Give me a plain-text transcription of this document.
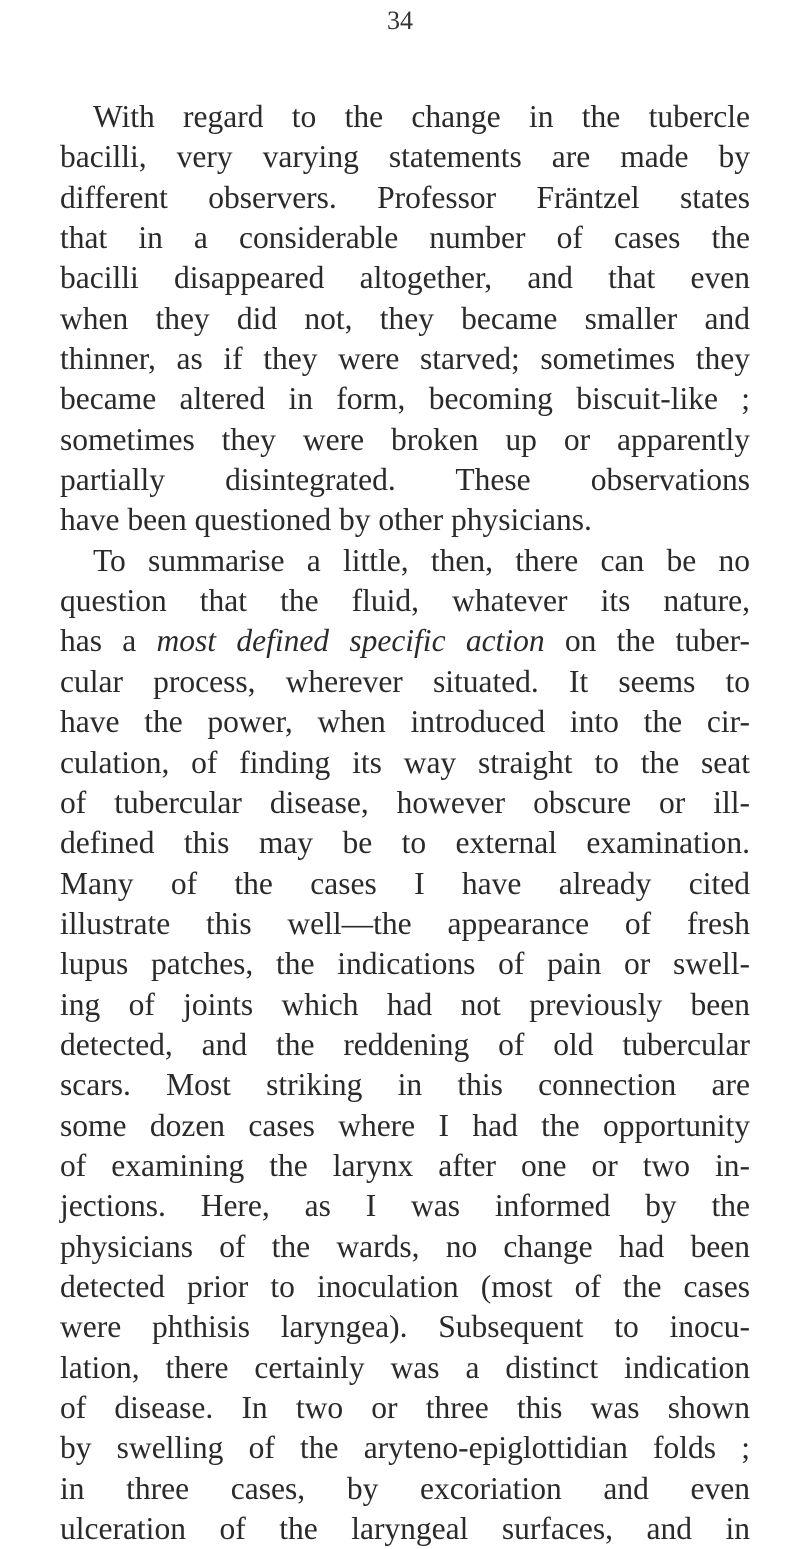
34
With regard to the change in the tubercle
bacilli, very varying statements are made by
different observers. Professor Fräntzel states
that in a considerable number of cases the
bacilli disappeared altogether, and that even
when they did not, they became smaller and
thinner, as if they were starved; sometimes they
became altered in form, becoming biscuit-like ;
sometimes they were broken up or apparently
partially disintegrated. These observations
have been questioned by other physicians.
To summarise a little, then, there can be no
question that the fluid, whatever its nature,
has a most defined specific action on the tuber-
cular process, wherever situated. It seems to
have the power, when introduced into the cir-
culation, of finding its way straight to the seat
of tubercular disease, however obscure or ill-
defined this may be to external examination.
Many of the cases I have already cited
illustrate this well—the appearance of fresh
lupus patches, the indications of pain or swell-
ing of joints which had not previously been
detected, and the reddening of old tubercular
scars. Most striking in this connection are
some dozen cases where I had the opportunity
of examining the larynx after one or two in-
jections. Here, as I was informed by the
physicians of the wards, no change had been
detected prior to inoculation (most of the cases
were phthisis laryngea). Subsequent to inocu-
lation, there certainly was a distinct indication
of disease. In two or three this was shown
by swelling of the aryteno-epiglottidian folds ;
in three cases, by excoriation and even
ulceration of the laryngeal surfaces, and in
